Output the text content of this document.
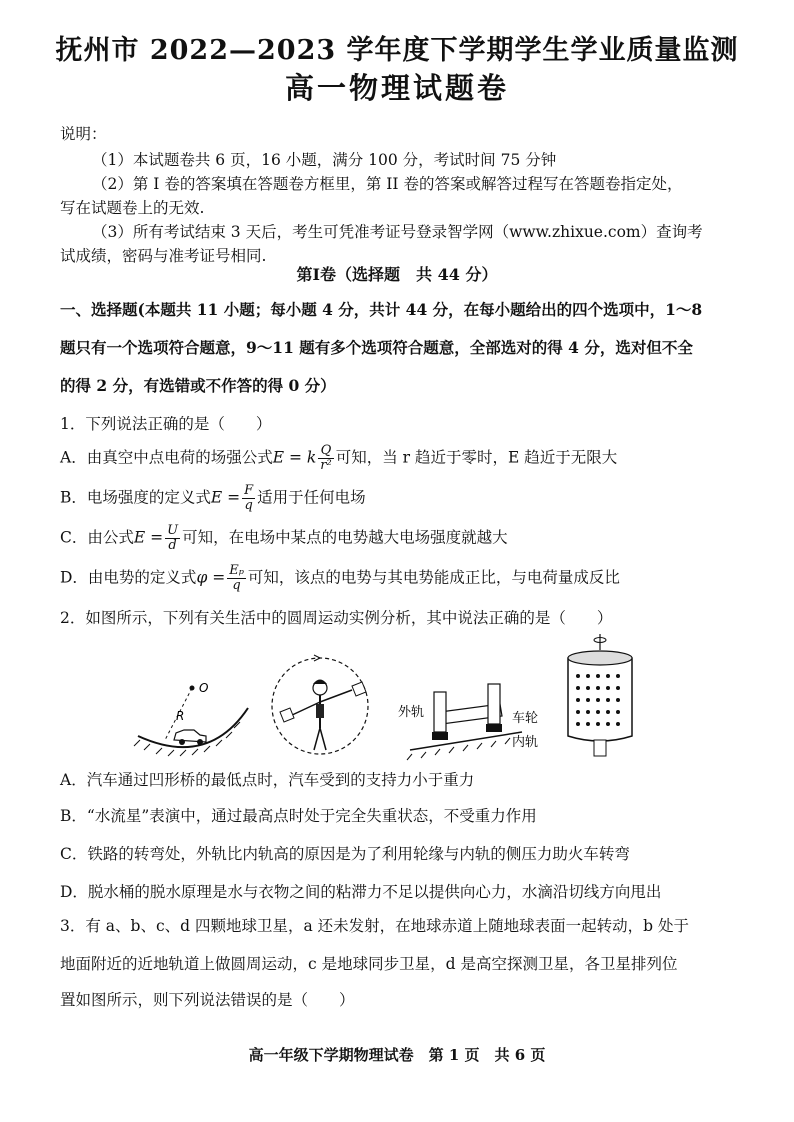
抚州市 2022—2023 学年度下学期学生学业质量监测
高一物理试题卷
说明：
（1）本试题卷共 6 页，16 小题，满分 100 分，考试时间 75 分钟
（2）第 I 卷的答案填在答题卷方框里，第 II 卷的答案或解答过程写在答题卷指定处，
写在试题卷上的无效.
（3）所有考试结束 3 天后，考生可凭准考证号登录智学网（www.zhixue.com）查询考
试成绩，密码与准考证号相同.
第I卷（选择题　共 44 分）
一、选择题(本题共 11 小题；每小题 4 分，共计 44 分，在每小题给出的四个选项中，1～8
题只有一个选项符合题意，9～11 题有多个选项符合题意，全部选对的得 4 分，选对但不全
的得 2 分，有选错或不作答的得 0 分）
1．下列说法正确的是（　　）
A．由真空中点电荷的场强公式E = k $\frac{Q}{\text{r²}}$ 可知，当 r 趋近于零时，E 趋近于无限大
B．电场强度的定义式$E = \frac{F}{q}$ 适用于任何电场
C．由公式$E = \frac{U}{d}$ 可知，在电场中某点的电势越大电场强度就越大
D．由电势的定义式$\varphi = \frac{\text{Eₚ}}{q}$ 可知，该点的电势与其电势能成正比，与电荷量成反比
2．如图所示，下列有关生活中的圆周运动实例分析，其中说法正确的是（　　）
O
R	外轨	车轮
内轨
A．汽车通过凹形桥的最低点时，汽车受到的支持力小于重力
B．“水流星”表演中，通过最高点时处于完全失重状态，不受重力作用
C．铁路的转弯处，外轨比内轨高的原因是为了利用轮缘与内轨的侧压力助火车转弯
D．脱水桶的脱水原理是水与衣物之间的粘滞力不足以提供向心力，水滴沿切线方向甩出
3．有 a、b、c、d 四颗地球卫星，a 还未发射，在地球赤道上随地球表面一起转动，b 处于
地面附近的近地轨道上做圆周运动，c 是地球同步卫星，d 是高空探测卫星，各卫星排列位
置如图所示，则下列说法错误的是（　　）
高一年级下学期物理试卷　第 1 页　共 6 页
